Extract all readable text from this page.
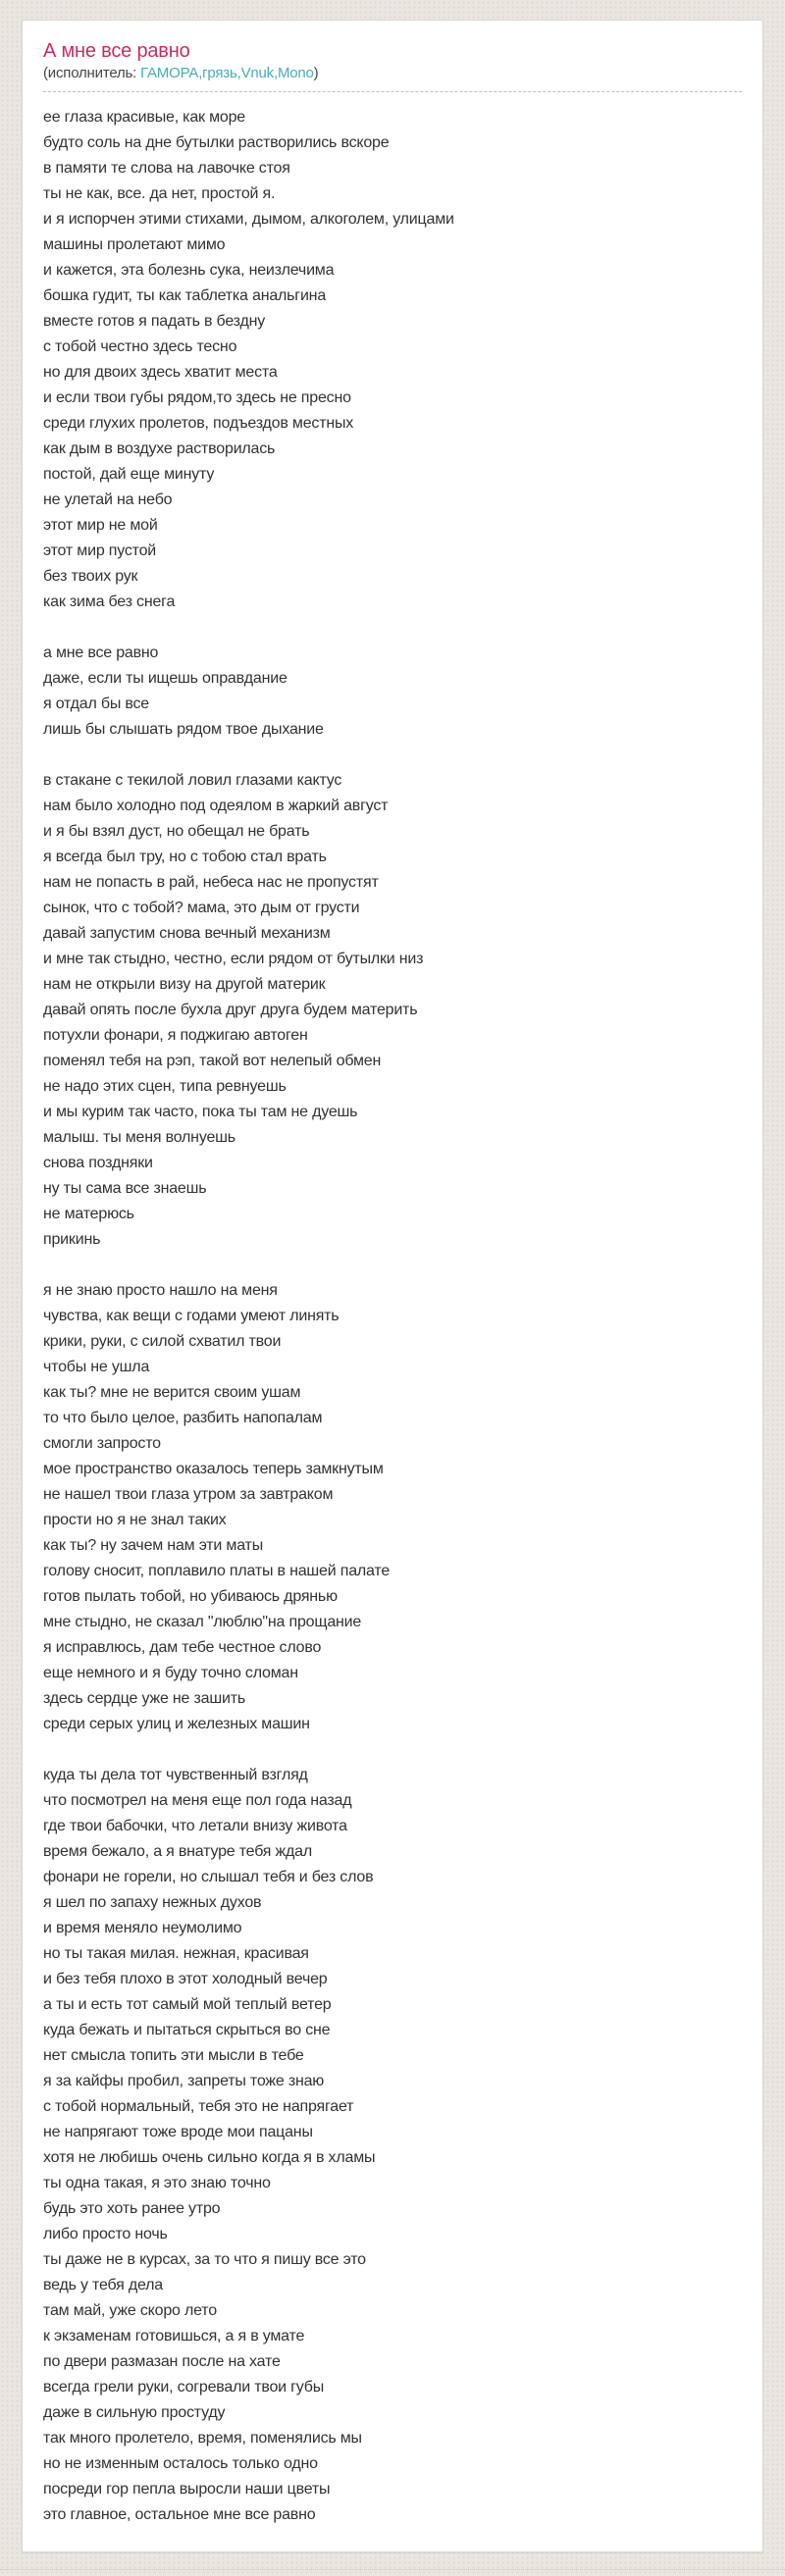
А мне все равно
(исполнитель: ГАМОРА,грязь,Vnuk,Mono)

ее глаза красивые, как море
будто соль на дне бутылки растворились вскоре
в памяти те слова на лавочке стоя
ты не как, все. да нет, простой я.
и я испорчен этими стихами, дымом, алкоголем, улицами
машины пролетают мимо
и кажется, эта болезнь сука, неизлечима
бошка гудит, ты как таблетка анальгина
вместе готов я падать в бездну
с тобой честно здесь тесно
но для двоих здесь хватит места
и если твои губы рядом,то здесь не пресно
среди глухих пролетов, подъездов местных
как дым в воздухе растворилась
постой, дай еще минуту
не улетай на небо
этот мир не мой
этот мир пустой
без твоих рук
как зима без снега

а мне все равно
даже, если ты ищешь оправдание
я отдал бы все
лишь бы слышать рядом твое дыхание

в стакане с текилой ловил глазами кактус
нам было холодно под одеялом в жаркий август
и я бы взял дуст, но обещал не брать
я всегда был тру, но с тобою стал врать
нам не попасть в рай, небеса нас не пропустят
сынок, что с тобой? мама, это дым от грусти
давай запустим снова вечный механизм
и мне так стыдно, честно, если рядом от бутылки низ
нам не открыли визу на другой материк
давай опять после бухла друг друга будем материть
потухли фонари, я поджигаю автоген
поменял тебя на рэп, такой вот нелепый обмен
не надо этих сцен, типа ревнуешь
и мы курим так часто, пока ты там не дуешь
малыш. ты меня волнуешь
снова поздняки
ну ты сама все знаешь
не матерюсь
прикинь

я не знаю просто нашло на меня
чувства, как вещи с годами умеют линять
крики, руки, с силой схватил твои
чтобы не ушла
как ты? мне не верится своим ушам
то что было целое, разбить напопалам
смогли запросто
мое пространство оказалось теперь замкнутым
не нашел твои глаза утром за завтраком
прости но я не знал таких
как ты? ну зачем нам эти маты
голову сносит, поплавило платы в нашей палате
готов пылать тобой, но убиваюсь дрянью
мне стыдно, не сказал "люблю"на прощание
я исправлюсь, дам тебе честное слово
еще немного и я буду точно сломан
здесь сердце уже не зашить
среди серых улиц и железных машин

куда ты дела тот чувственный взгляд
что посмотрел на меня еще пол года назад
где твои бабочки, что летали внизу живота
время бежало, а я внатуре тебя ждал
фонари не горели, но слышал тебя и без слов
я шел по запаху нежных духов
и время меняло неумолимо
но ты такая милая. нежная, красивая
и без тебя плохо в этот холодный вечер
а ты и есть тот самый мой теплый ветер
куда бежать и пытаться скрыться во сне
нет смысла топить эти мысли в тебе
я за кайфы пробил, запреты тоже знаю
с тобой нормальный, тебя это не напрягает
не напрягают тоже вроде мои пацаны
хотя не любишь очень сильно когда я в хламы
ты одна такая, я это знаю точно
будь это хоть ранее утро
либо просто ночь
ты даже не в курсах, за то что я пишу все это
ведь у тебя дела
там май, уже скоро лето
к экзаменам готовишься, а я в умате
по двери размазан после на хате
всегда грели руки, согревали твои губы
даже в сильную простуду
так много пролетело, время, поменялись мы
но не изменным осталось только одно
посреди гор пепла выросли наши цветы
это главное, остальное мне все равно
